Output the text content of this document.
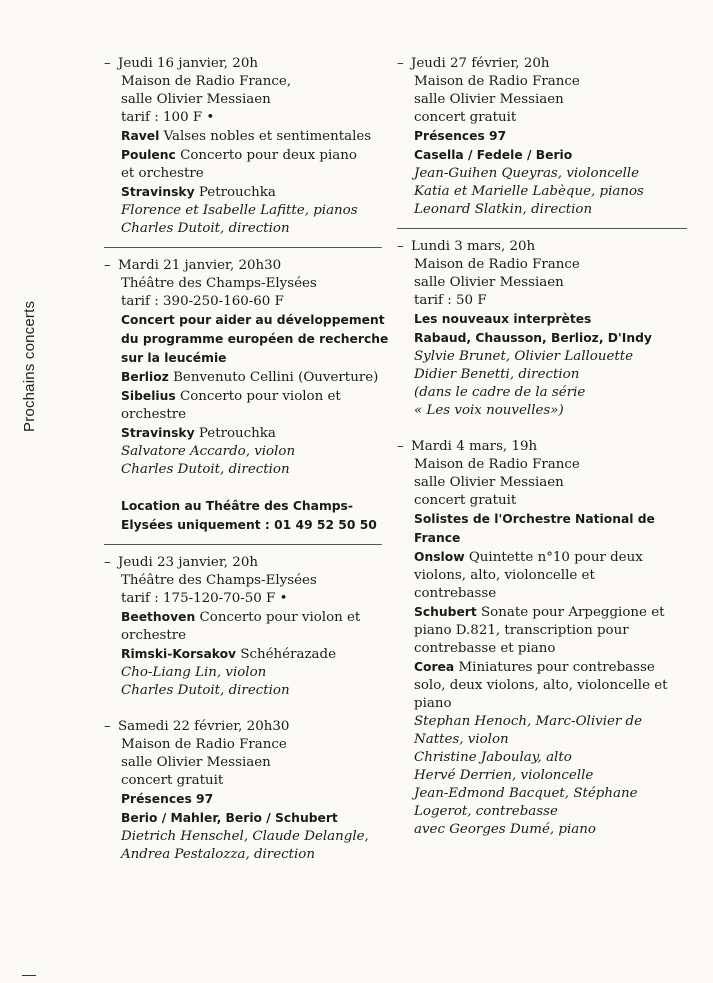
Prochains concerts
– Jeudi 16 janvier, 20h
Maison de Radio France,
salle Olivier Messiaen
tarif : 100 F •
Ravel Valses nobles et sentimentales
Poulenc Concerto pour deux piano
et orchestre
Stravinsky Petrouchka
Florence et Isabelle Lafitte, pianos
Charles Dutoit, direction
– Mardi 21 janvier, 20h30
Théâtre des Champs-Elysées
tarif : 390-250-160-60 F
Concert pour aider au développement
du programme européen de recherche
sur la leucémie
Berlioz Benvenuto Cellini (Ouverture)
Sibelius Concerto pour violon et
orchestre
Stravinsky Petrouchka
Salvatore Accardo, violon
Charles Dutoit, direction
Location au Théâtre des Champs-
Elysées uniquement : 01 49 52 50 50
– Jeudi 23 janvier, 20h
Théâtre des Champs-Elysées
tarif : 175-120-70-50 F •
Beethoven Concerto pour violon et
orchestre
Rimski-Korsakov Schéhérazade
Cho-Liang Lin, violon
Charles Dutoit, direction
– Samedi 22 février, 20h30
Maison de Radio France
salle Olivier Messiaen
concert gratuit
Présences 97
Berio / Mahler, Berio / Schubert
Dietrich Henschel, Claude Delangle,
Andrea Pestalozza, direction
– Jeudi 27 février, 20h
Maison de Radio France
salle Olivier Messiaen
concert gratuit
Présences 97
Casella / Fedele / Berio
Jean-Guihen Queyras, violoncelle
Katia et Marielle Labèque, pianos
Leonard Slatkin, direction
– Lundi 3 mars, 20h
Maison de Radio France
salle Olivier Messiaen
tarif : 50 F
Les nouveaux interprètes
Rabaud, Chausson, Berlioz, D'Indy
Sylvie Brunet, Olivier Lallouette
Didier Benetti, direction
(dans le cadre de la série
« Les voix nouvelles»)
– Mardi 4 mars, 19h
Maison de Radio France
salle Olivier Messiaen
concert gratuit
Solistes de l'Orchestre National de
France
Onslow Quintette n°10 pour deux
violons, alto, violoncelle et
contrebasse
Schubert Sonate pour Arpeggione et
piano D.821, transcription pour
contrebasse et piano
Corea Miniatures pour contrebasse
solo, deux violons, alto, violoncelle et
piano
Stephan Henoch, Marc-Olivier de
Nattes, violon
Christine Jaboulay, alto
Hervé Derrien, violoncelle
Jean-Edmond Bacquet, Stéphane
Logerot, contrebasse
avec Georges Dumé, piano
